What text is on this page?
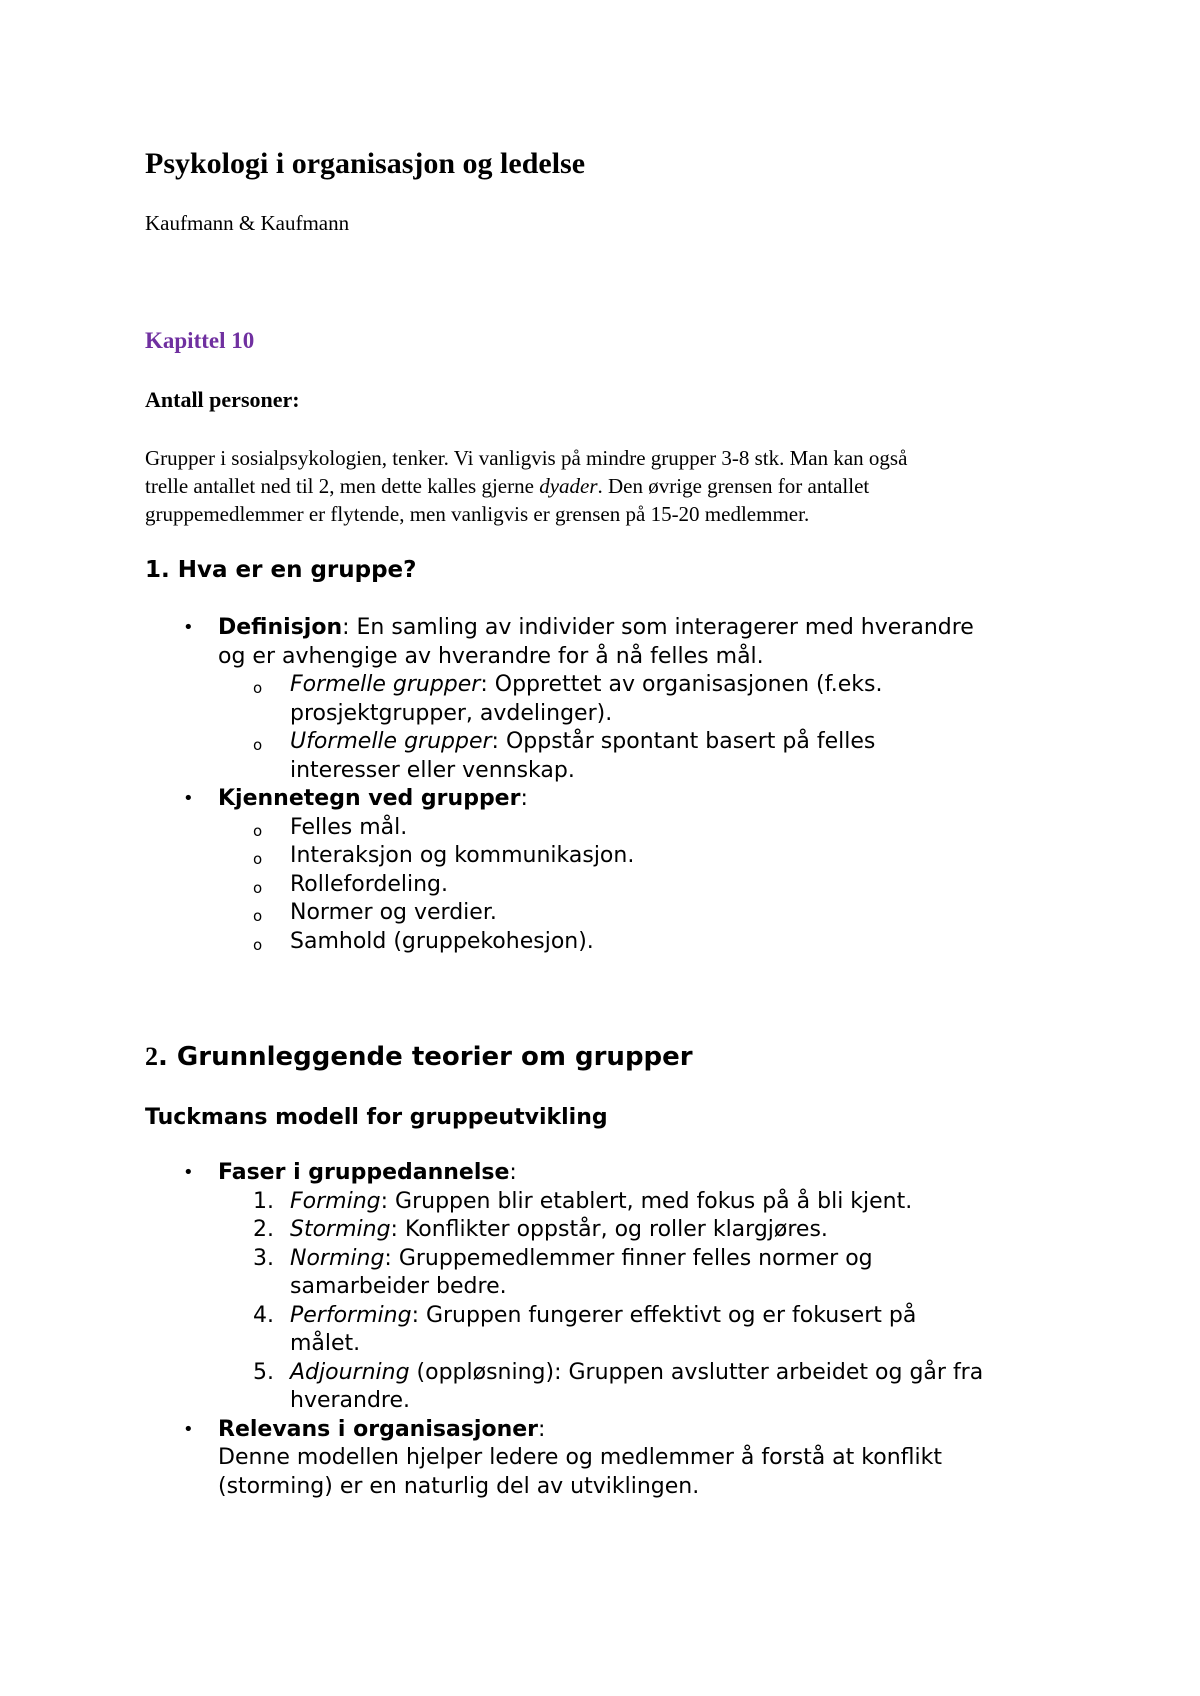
Psykologi i organisasjon og ledelse

Kaufmann & Kaufmann

Kapittel 10
Antall personer:

Grupper i sosialpsykologien, tenker. Vi vanligvis på mindre grupper 3-8 stk. Man kan også
trelle antallet ned til 2, men dette kalles gjerne dyader. Den øvrige grensen for antallet
gruppemedlemmer er flytende, men vanligvis er grensen på 15-20 medlemmer.

1. Hva er en gruppe?

• Definisjon: En samling av individer som interagerer med hverandre

og er avhengige av hverandre for å nå felles mål.

o Formelle grupper: Opprettet av organisasjonen (f.eks.

prosjektgrupper, avdelinger).

o Uformelle grupper: Oppstår spontant basert på felles

interesser eller vennskap.

• Kjennetegn ved grupper:

o Felles mål.

o Interaksjon og kommunikasjon.

o Rollefordeling.

o Normer og verdier.

o Samhold (gruppekohesjon).

2. Grunnleggende teorier om grupper
Tuckmans modell for gruppeutvikling

• Faser i gruppedannelse:

1. Forming: Gruppen blir etablert, med fokus på å bli kjent.

2. Storming: Konflikter oppstår, og roller klargjøres.

3. Norming: Gruppemedlemmer finner felles normer og

samarbeider bedre.

4. Performing: Gruppen fungerer effektivt og er fokusert på

målet.

5. Adjourning (oppløsning): Gruppen avslutter arbeidet og går fra

hverandre.

• Relevans i organisasjoner:

Denne modellen hjelper ledere og medlemmer å forstå at konflikt

(storming) er en naturlig del av utviklingen.
